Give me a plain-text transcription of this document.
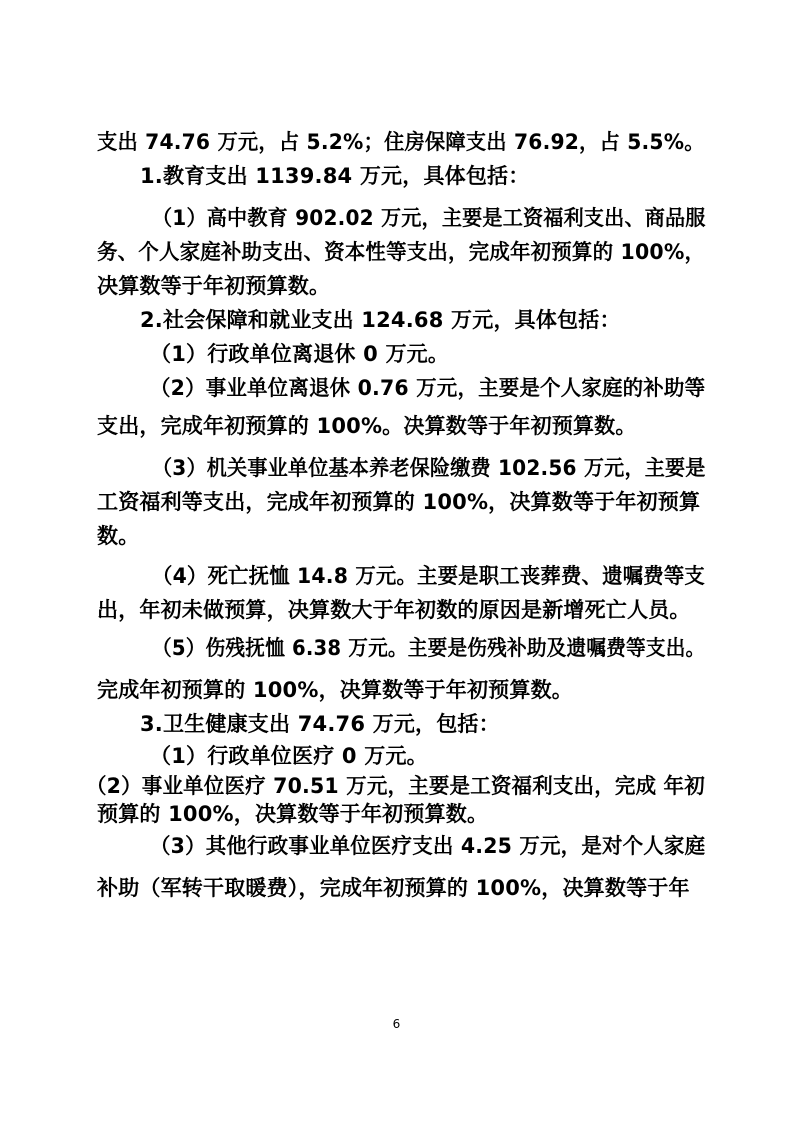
支出 74.76 万元，占 5.2%；住房保障支出 76.92，占 5.5%。
1.教育支出 1139.84 万元，具体包括：
（1）高中教育 902.02 万元，主要是工资福利支出、商品服
务、个人家庭补助支出、资本性等支出，完成年初预算的 100%，
决算数等于年初预算数。
2.社会保障和就业支出 124.68 万元，具体包括：
（1）行政单位离退休 0 万元。
（2）事业单位离退休 0.76 万元，主要是个人家庭的补助等
支出，完成年初预算的 100%。决算数等于年初预算数。
（3）机关事业单位基本养老保险缴费 102.56 万元，主要是
工资福利等支出，完成年初预算的 100%，决算数等于年初预算
数。
（4）死亡抚恤 14.8 万元。主要是职工丧葬费、遗嘱费等支
出，年初未做预算，决算数大于年初数的原因是新增死亡人员。
（5）伤残抚恤 6.38 万元。主要是伤残补助及遗嘱费等支出。
完成年初预算的 100%，决算数等于年初预算数。
3.卫生健康支出 74.76 万元，包括：
（1）行政单位医疗 0 万元。
（2）事业单位医疗 70.51 万元，主要是工资福利支出，完成 年初
预算的 100%，决算数等于年初预算数。
（3）其他行政事业单位医疗支出 4.25 万元，是对个人家庭
补助（军转干取暖费），完成年初预算的 100%，决算数等于年
6
